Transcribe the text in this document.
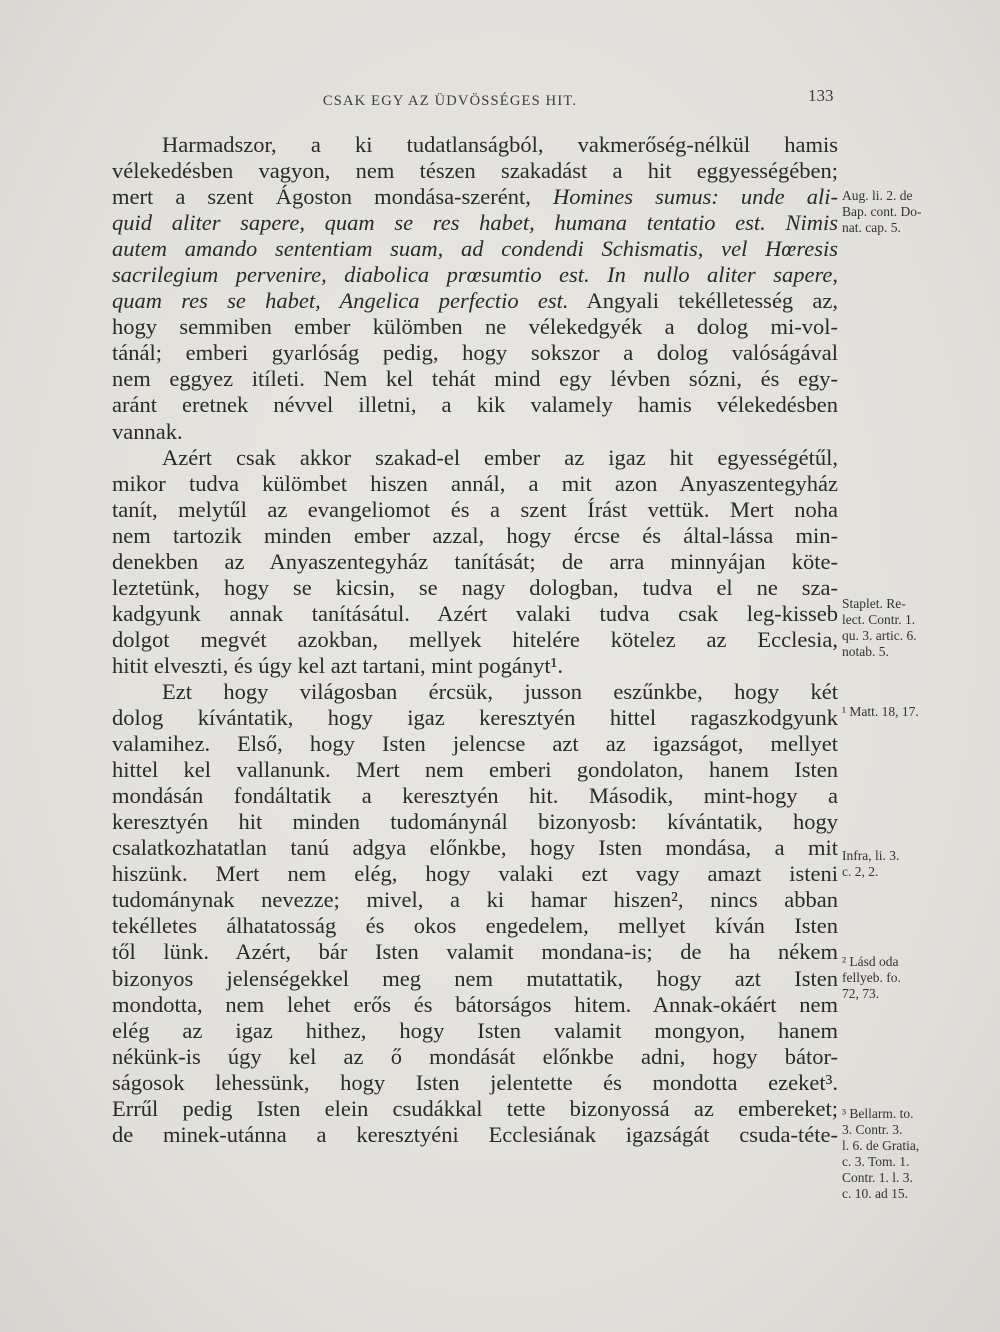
CSAK EGY AZ ÜDVÖSSÉGES HIT.	133
Harmadszor, a ki tudatlanságból, vakmerőség-nélkül hamis
vélekedésben vagyon, nem tészen szakadást a hit eggyességében;
mert a szent Ágoston mondása-szerént, Homines sumus: unde ali-
quid aliter sapere, quam se res habet, humana tentatio est. Nimis
autem amando sententiam suam, ad condendi Schismatis, vel Hœresis
sacrilegium pervenire, diabolica prœsumtio est. In nullo aliter sapere,
quam res se habet, Angelica perfectio est. Angyali tekélletesség az,
hogy semmiben ember külömben ne vélekedgyék a dolog mi-vol-
tánál; emberi gyarlóság pedig, hogy sokszor a dolog valóságával
nem eggyez itíleti. Nem kel tehát mind egy lévben sózni, és egy-
aránt eretnek névvel illetni, a kik valamely hamis vélekedésben
vannak.
Azért csak akkor szakad-el ember az igaz hit egyességétűl,
mikor tudva külömbet hiszen annál, a mit azon Anyaszentegyház
tanít, melytűl az evangeliomot és a szent Írást vettük. Mert noha
nem tartozik minden ember azzal, hogy ércse és által-lássa min-
denekben az Anyaszentegyház tanítását; de arra minnyájan köte-
leztetünk, hogy se kicsin, se nagy dologban, tudva el ne sza-
kadgyunk annak tanításátul. Azért valaki tudva csak leg-kisseb
dolgot megvét azokban, mellyek hitelére kötelez az Ecclesia,
hitit elveszti, és úgy kel azt tartani, mint pogányt¹.
Ezt hogy világosban ércsük, jusson eszűnkbe, hogy két
dolog kívántatik, hogy igaz keresztyén hittel ragaszkodgyunk
valamihez. Első, hogy Isten jelencse azt az igazságot, mellyet
hittel kel vallanunk. Mert nem emberi gondolaton, hanem Isten
mondásán fondáltatik a keresztyén hit. Második, mint-hogy a
keresztyén hit minden tudománynál bizonyosb: kívántatik, hogy
csalatkozhatatlan tanú adgya előnkbe, hogy Isten mondása, a mit
hiszünk. Mert nem elég, hogy valaki ezt vagy amazt isteni
tudománynak nevezze; mivel, a ki hamar hiszen², nincs abban
tekélletes álhatatosság és okos engedelem, mellyet kíván Isten
től lünk. Azért, bár Isten valamit mondana-is; de ha nékem
bizonyos jelenségekkel meg nem mutattatik, hogy azt Isten
mondotta, nem lehet erős és bátorságos hitem. Annak-okáért nem
elég az igaz hithez, hogy Isten valamit mongyon, hanem
nékünk-is úgy kel az ő mondását előnkbe adni, hogy bátor-
ságosok lehessünk, hogy Isten jelentette és mondotta ezeket³.
Errűl pedig Isten elein csudákkal tette bizonyossá az embereket;
de minek-utánna a keresztyéni Ecclesiának igazságát csuda-téte-
Aug. li. 2. de
Bap. cont. Do-
nat. cap. 5.
Staplet. Re-
lect. Contr. 1.
qu. 3. artic. 6.
notab. 5.
¹ Matt. 18, 17.
Infra, li. 3.
c. 2, 2.
² Lásd oda
fellyeb. fo.
72, 73.
³ Bellarm. to.
3. Contr. 3.
l. 6. de Gratia,
c. 3. Tom. 1.
Contr. 1. l. 3.
c. 10. ad 15.
